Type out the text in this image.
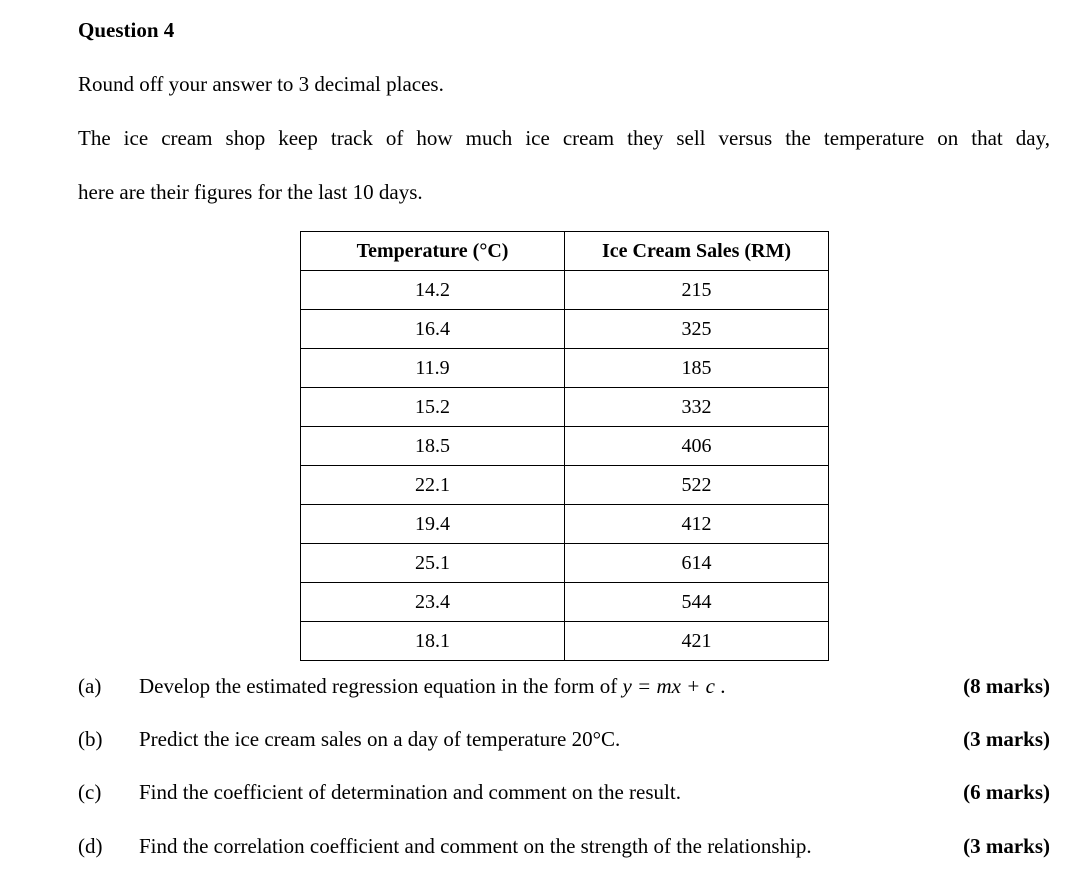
Question 4
Round off your answer to 3 decimal places.
The ice cream shop keep track of how much ice cream they sell versus the temperature on that day,
here are their figures for the last 10 days.
Temperature (°C)	Ice Cream Sales (RM)
14.2	215
16.4	325
11.9	185
15.2	332
18.5	406
22.1	522
19.4	412
25.1	614
23.4	544
18.1	421
(a) Develop the estimated regression equation in the form of y = mx + c .	(8 marks)
(b) Predict the ice cream sales on a day of temperature 20°C.	(3 marks)
(c) Find the coefficient of determination and comment on the result.	(6 marks)
(d) Find the correlation coefficient and comment on the strength of the relationship.	(3 marks)
